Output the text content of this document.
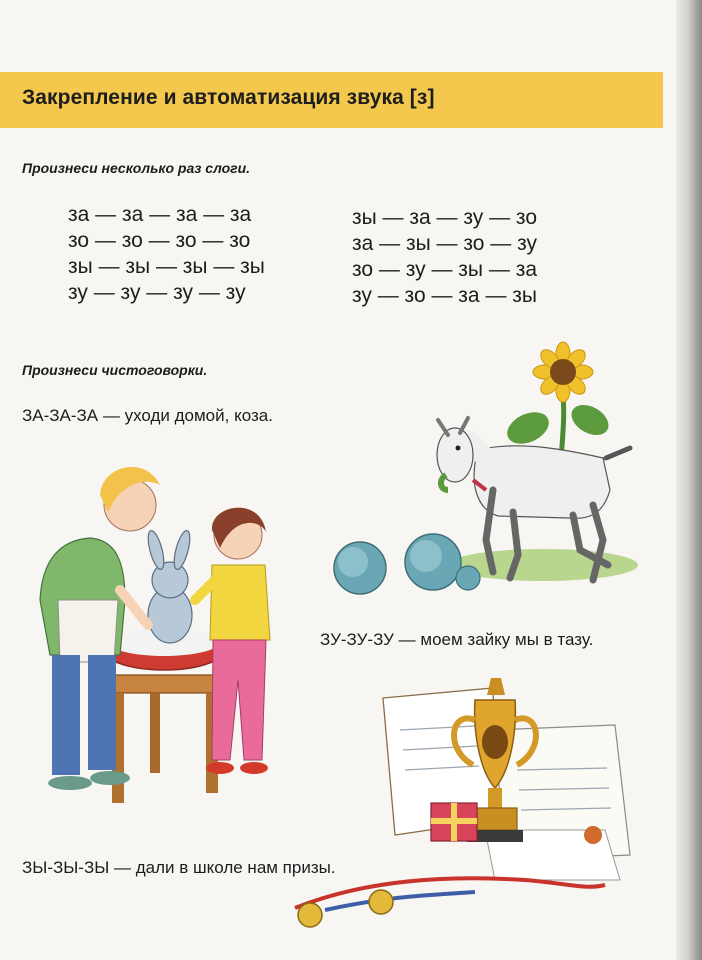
Закрепление и автоматизация звука [з]
Произнеси несколько раз слоги.
за — за — за — за
зо — зо — зо — зо
зы — зы — зы — зы
зу — зу — зу — зу
зы — за — зу — зо
за — зы — зо — зу
зо — зу — зы — за
зу — зо — за — зы
Произнеси чистоговорки.
ЗА-ЗА-ЗА — уходи домой, коза.
ЗУ-ЗУ-ЗУ — моем зайку мы в тазу.
ЗЫ-ЗЫ-ЗЫ — дали в школе нам призы.
